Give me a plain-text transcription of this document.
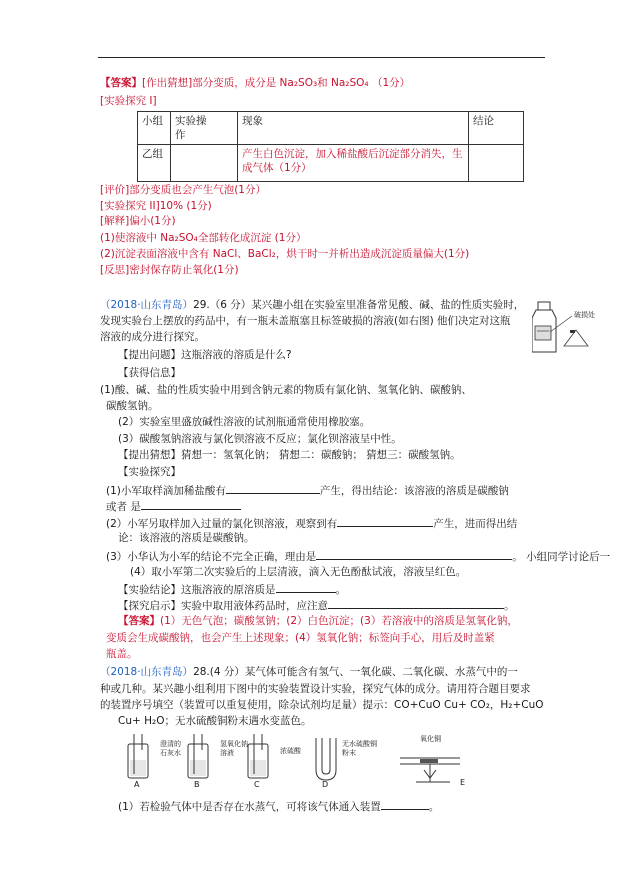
【答案】[作出猜想]部分变质，成分是 Na₂SO₃和 Na₂SO₄ （1分）
[实验探究 I]
小组	实验操作	现象	结论
乙组		产生白色沉淀，加入稀盐酸后沉淀部分消失，生成气体（1分）	

[评价]部分变质也会产生气泡(1分）
[实验探究 II]10% (1分)
[解释]偏小(1分)
(1)使溶液中 Na₂SO₄全部转化成沉淀 (1分）
(2)沉淀表面溶液中含有 NaCl、BaCl₂，烘干时一并析出造成沉淀质量偏大(1分)
[反思]密封保存防止氧化(1分)
（2018·山东青岛）29.（6 分）某兴趣小组在实验室里准备常见酸、碱、盐的性质实验时，
发现实验台上摆放的药品中，有一瓶未盖瓶塞且标签破损的溶液(如右图) 他们决定对这瓶
溶液的成分进行探究。
破损处
【提出问题】这瓶溶液的溶质是什么?
【获得信息】
(1)酸、碱、盐的性质实验中用到含钠元素的物质有氯化钠、氢氧化钠、碳酸钠、
碳酸氢钠。
(2）实验室里盛放碱性溶液的试剂瓶通常使用橡胶塞。
(3）碳酸氢钠溶液与氯化钡溶液不反应；氯化钡溶液呈中性。
【提出猜想】猜想一：氢氧化钠； 猜想二：碳酸钠； 猜想三：碳酸氢钠。
【实验探究】
(1)小军取样滴加稀盐酸有	产生，得出结论：该溶液的溶质是碳酸钠
或者 是
(2）小军另取样加入过量的氯化钡溶液，观察到有	产生，进而得出结
论：该溶液的溶质是碳酸钠。
(3）小华认为小军的结论不完全正确，理由是	。 小组同学讨论后一
(4）取小军第二次实验后的上层清液，滴入无色酚酞试液，溶液呈红色。
【实验结论】这瓶溶液的原溶质是	。
【探究启示】实验中取用液体药品时，应注意	。
【答案】(1）无色气泡；碳酸氢钠；(2）白色沉淀；(3）若溶液中的溶质是氢氧化钠，
变质会生成碳酸钠，也会产生上述现象；(4）氢氧化钠；标签向手心，用后及时盖紧
瓶盖。
（2018·山东青岛）28.(4 分）某气体可能含有氢气、一氧化碳、二氧化碳、水蒸气中的一
种或几种。某兴趣小组利用下图中的实验装置设计实验，探究气体的成分。请用符合题目要求
的装置序号填空（装置可以重复使用，除杂试剂均足量）提示：CO+CuO Cu+ CO₂，H₂+CuO
Cu+ H₂O；无水硫酸铜粉末遇水变蓝色。
澄清的
石灰水
氢氧化钠
溶液	浓硫酸
无水硫酸铜
粉末
氧化铜
A	B	C	D	E
(1）若检验气体中是否存在水蒸气，可将该气体通入装置	。
